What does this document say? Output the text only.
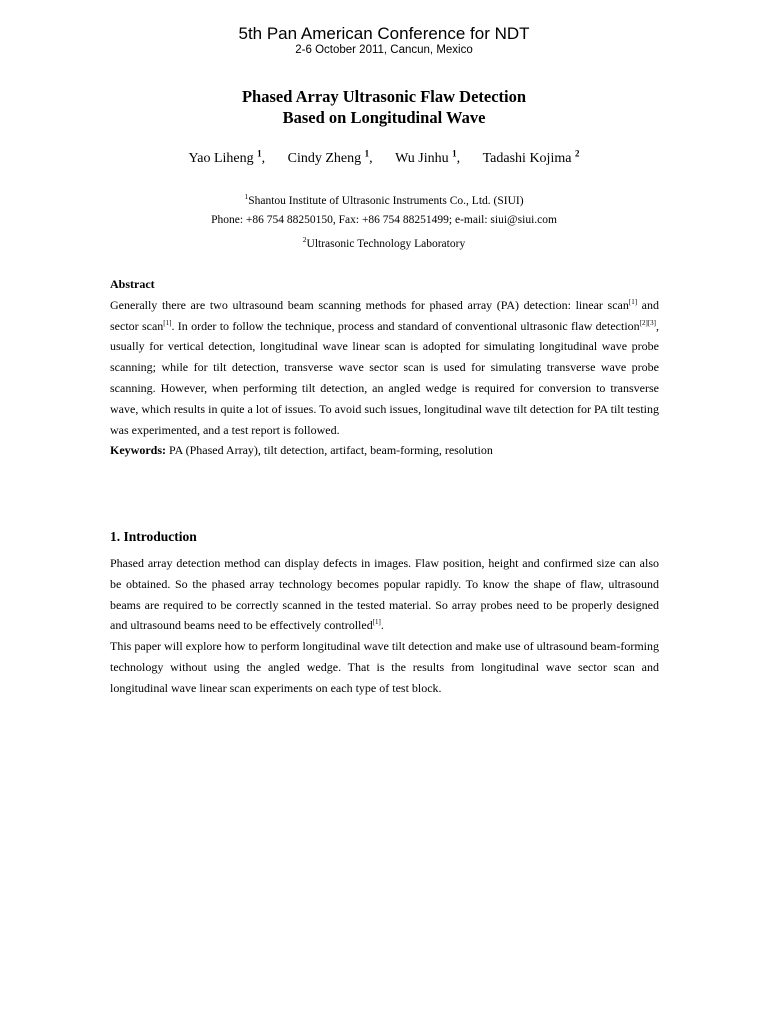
5th Pan American Conference for NDT
2-6 October 2011, Cancun, Mexico
Phased Array Ultrasonic Flaw Detection
Based on Longitudinal Wave
Yao Liheng $^1$, Cindy Zheng $^1$, Wu Jinhu $^1$, Tadashi Kojima $^2$
$^1$Shantou Institute of Ultrasonic Instruments Co., Ltd. (SIUI)
Phone: +86 754 88250150, Fax: +86 754 88251499; e-mail: siui@siui.com
$^2$Ultrasonic Technology Laboratory

Abstract

Generally there are two ultrasound beam scanning methods for phased array (PA) detection: linear scan[1] and sector scan[1]. In order to follow the technique, process and standard of conventional ultrasonic flaw detection[2][3], usually for vertical detection, longitudinal wave linear scan is adopted for simulating longitudinal wave probe scanning; while for tilt detection, transverse wave sector scan is used for simulating transverse wave probe scanning. However, when performing tilt detection, an angled wedge is required for conversion to transverse wave, which results in quite a lot of issues. To avoid such issues, longitudinal wave tilt detection for PA tilt testing was experimented, and a test report is followed.

Keywords: PA (Phased Array), tilt detection, artifact, beam-forming, resolution

1. Introduction

Phased array detection method can display defects in images. Flaw position, height and confirmed size can also be obtained. So the phased array technology becomes popular rapidly. To know the shape of flaw, ultrasound beams are required to be correctly scanned in the tested material. So array probes need to be properly designed and ultrasound beams need to be effectively controlled[1].

This paper will explore how to perform longitudinal wave tilt detection and make use of ultrasound beam-forming technology without using the angled wedge. That is the results from longitudinal wave sector scan and longitudinal wave linear scan experiments on each type of test block.
